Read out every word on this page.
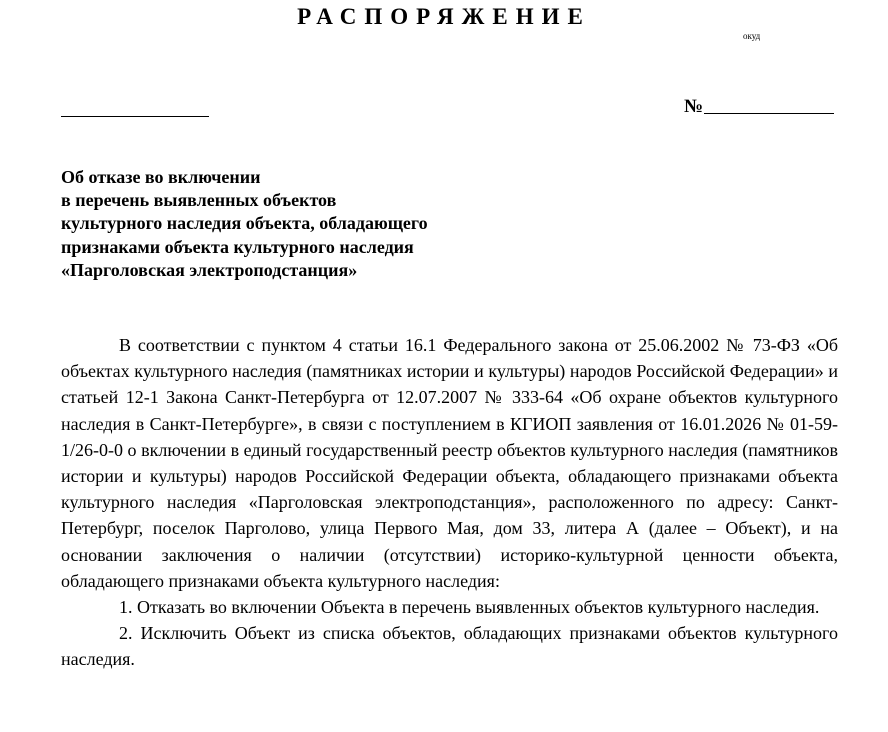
РАСПОРЯЖЕНИЕ
окуд
№
Об отказе во включении
в перечень выявленных объектов
культурного наследия объекта, обладающего
признаками объекта культурного наследия
«Парголовская электроподстанция»

В соответствии с пунктом 4 статьи 16.1 Федерального закона от 25.06.2002 № 73-ФЗ «Об объектах культурного наследия (памятниках истории и культуры) народов Российской Федерации» и статьей 12-1 Закона Санкт-Петербурга от 12.07.2007 № 333-64 «Об охране объектов культурного наследия в Санкт-Петербурге», в связи с поступлением в КГИОП заявления от 16.01.2026 № 01-59-1/26-0-0 о включении в единый государственный реестр объектов культурного наследия (памятников истории и культуры) народов Российской Федерации объекта, обладающего признаками объекта культурного наследия «Парголовская электроподстанция», расположенного по адресу: Санкт-Петербург, поселок Парголово, улица Первого Мая, дом 33, литера А (далее – Объект), и на основании заключения о наличии (отсутствии) историко-культурной ценности объекта, обладающего признаками объекта культурного наследия:

1. Отказать во включении Объекта в перечень выявленных объектов культурного наследия.

2. Исключить Объект из списка объектов, обладающих признаками объектов культурного наследия.
